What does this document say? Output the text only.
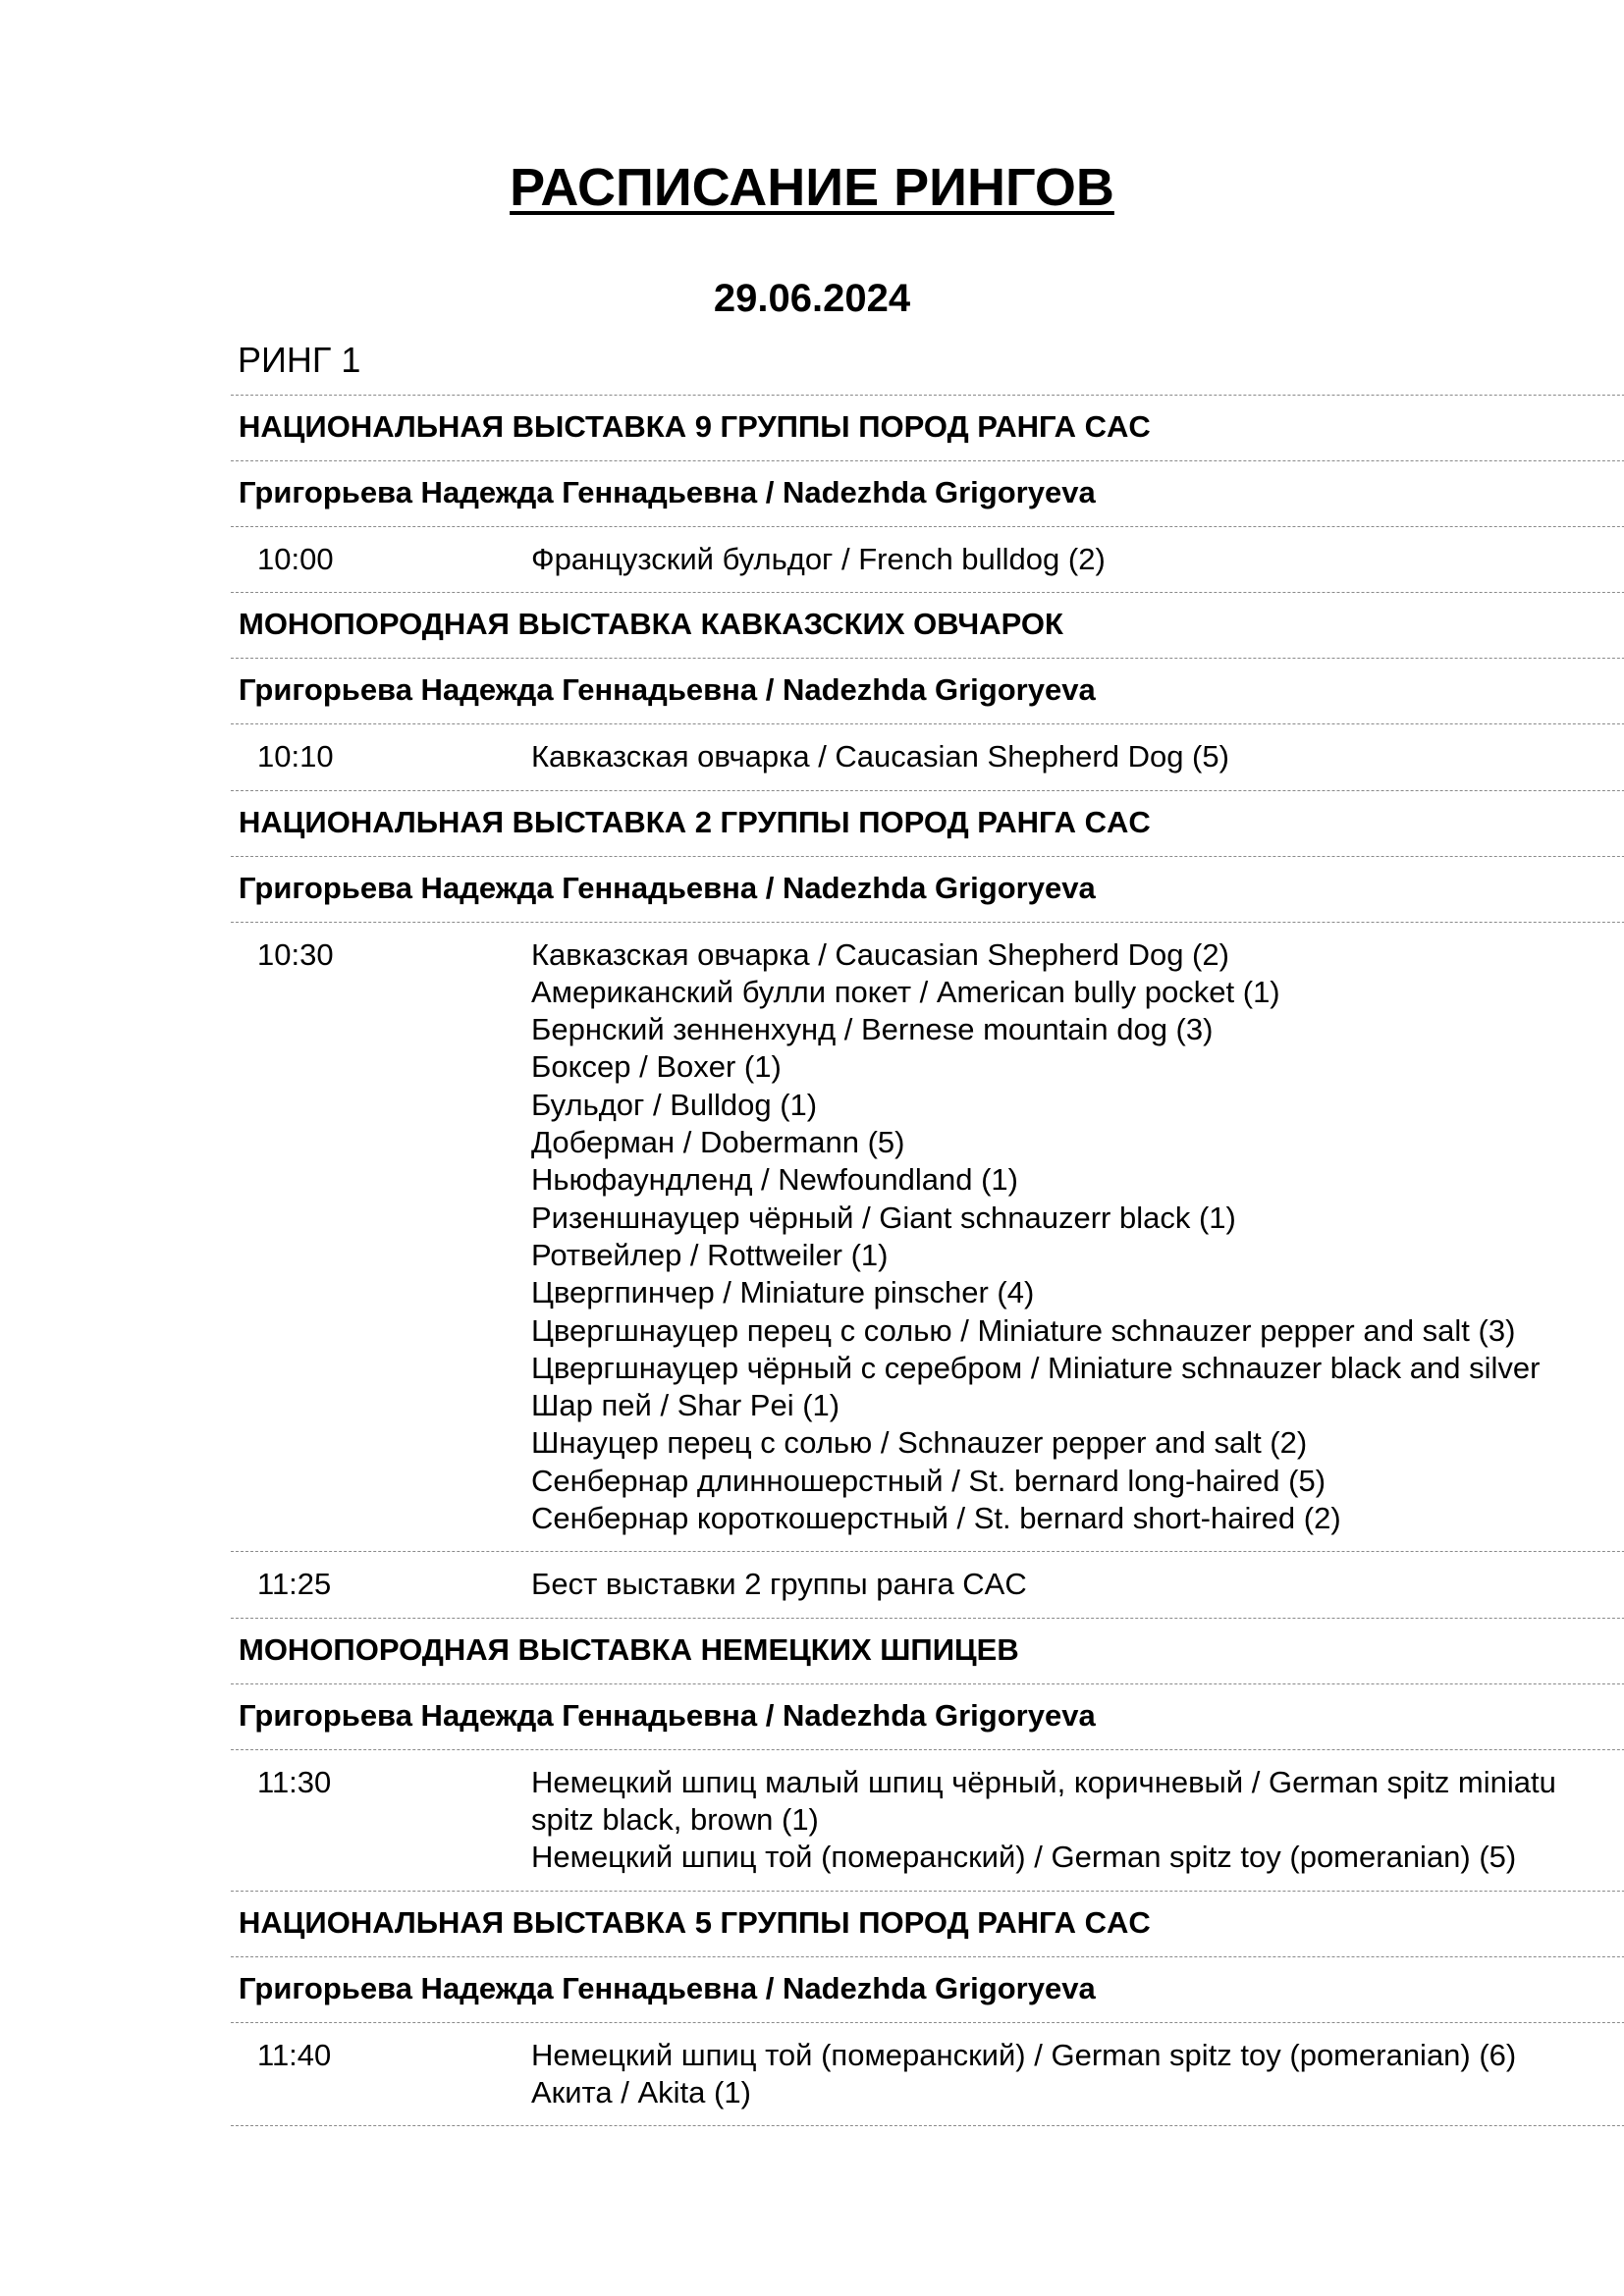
РАСПИСАНИЕ РИНГОВ
29.06.2024
РИНГ 1
НАЦИОНАЛЬНАЯ ВЫСТАВКА 9 ГРУППЫ ПОРОД РАНГА CAC
Григорьева Надежда Геннадьевна / Nadezhda Grigoryeva
10:00	Французский бульдог / French bulldog (2)
МОНОПОРОДНАЯ ВЫСТАВКА КАВКАЗСКИХ ОВЧАРОК
Григорьева Надежда Геннадьевна / Nadezhda Grigoryeva
10:10	Кавказская овчарка / Caucasian Shepherd Dog (5)
НАЦИОНАЛЬНАЯ ВЫСТАВКА 2 ГРУППЫ ПОРОД РАНГА CAC
Григорьева Надежда Геннадьевна / Nadezhda Grigoryeva
10:30	Кавказская овчарка / Caucasian Shepherd Dog (2)
Американский булли покет / American bully pocket (1)
Бернский зенненхунд / Bernese mountain dog (3)
Боксер / Boxer (1)
Бульдог / Bulldog (1)
Доберман / Dobermann (5)
Ньюфаундленд / Newfoundland (1)
Ризеншнауцер чёрный / Giant schnauzerr black (1)
Ротвейлер / Rottweiler (1)
Цвергпинчер / Miniature pinscher (4)
Цвергшнауцер перец с солью / Miniature schnauzer pepper and salt (3)
Цвергшнауцер чёрный с серебром / Miniature schnauzer black and silver
Шар пей / Shar Pei (1)
Шнауцер перец с солью / Schnauzer pepper and salt (2)
Сенбернар длинношерстный / St. bernard long-haired (5)
Сенбернар короткошерстный / St. bernard short-haired (2)
11:25	Бест выставки 2 группы ранга CAC
МОНОПОРОДНАЯ ВЫСТАВКА НЕМЕЦКИХ ШПИЦЕВ
Григорьева Надежда Геннадьевна / Nadezhda Grigoryeva
11:30	Немецкий шпиц малый шпиц чёрный, коричневый / German spitz miniatu
spitz black, brown (1)
Немецкий шпиц той (померанский) / German spitz toy (pomeranian) (5)
НАЦИОНАЛЬНАЯ ВЫСТАВКА 5 ГРУППЫ ПОРОД РАНГА CAC
Григорьева Надежда Геннадьевна / Nadezhda Grigoryeva
11:40	Немецкий шпиц той (померанский) / German spitz toy (pomeranian) (6)
Акита / Akita (1)
